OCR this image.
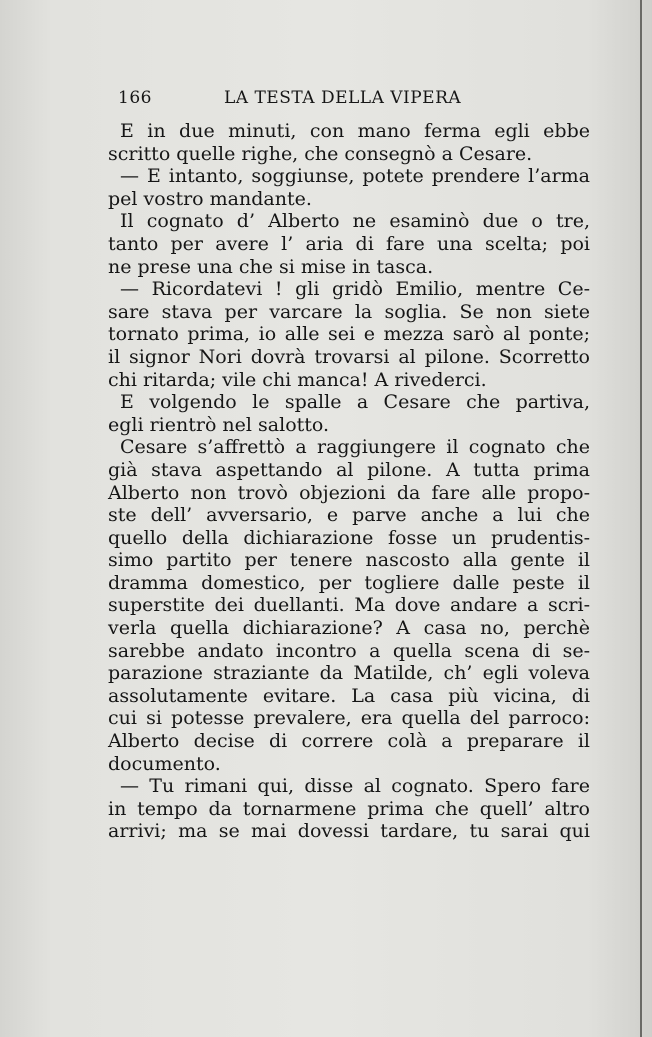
166	LA TESTA DELLA VIPERA
E in due minuti, con mano ferma egli ebbe
scritto quelle righe, che consegnò a Cesare.
— E intanto, soggiunse, potete prendere l’arma
pel vostro mandante.
Il cognato d’ Alberto ne esaminò due o tre,
tanto per avere l’ aria di fare una scelta; poi
ne prese una che si mise in tasca.
— Ricordatevi ! gli gridò Emilio, mentre Ce-
sare stava per varcare la soglia. Se non siete
tornato prima, io alle sei e mezza sarò al ponte;
il signor Nori dovrà trovarsi al pilone. Scorretto
chi ritarda; vile chi manca! A rivederci.
E volgendo le spalle a Cesare che partiva,
egli rientrò nel salotto.
Cesare s’affrettò a raggiungere il cognato che
già stava aspettando al pilone. A tutta prima
Alberto non trovò objezioni da fare alle propo-
ste dell’ avversario, e parve anche a lui che
quello della dichiarazione fosse un prudentis-
simo partito per tenere nascosto alla gente il
dramma domestico, per togliere dalle peste il
superstite dei duellanti. Ma dove andare a scri-
verla quella dichiarazione? A casa no, perchè
sarebbe andato incontro a quella scena di se-
parazione straziante da Matilde, ch’ egli voleva
assolutamente evitare. La casa più vicina, di
cui si potesse prevalere, era quella del parroco:
Alberto decise di correre colà a preparare il
documento.
— Tu rimani qui, disse al cognato. Spero fare
in tempo da tornarmene prima che quell’ altro
arrivi; ma se mai dovessi tardare, tu sarai qui
